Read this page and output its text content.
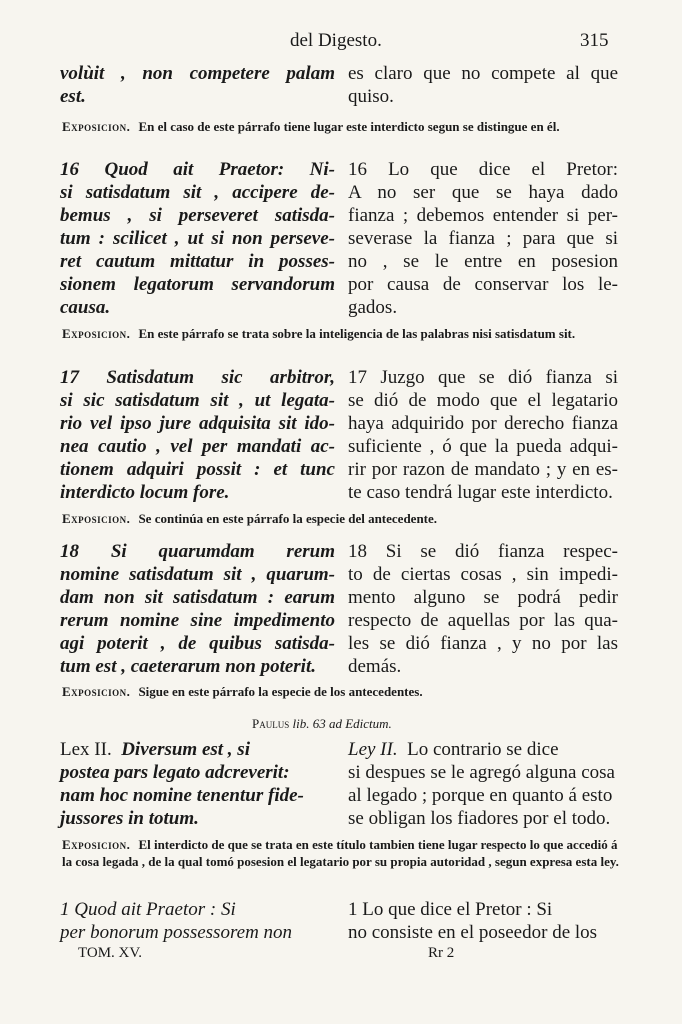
del Digesto.	315
volùit , non competere palam
est.
es claro que no compete al que
quiso.
Exposicion. En el caso de este párrafo tiene lugar este interdicto segun se distingue en él.
16 Quod ait Praetor: Ni-
si satisdatum sit , accipere de-
bemus , si perseveret satisda-
tum : scilicet , ut si non perseve-
ret cautum mittatur in posses-
sionem legatorum servandorum
causa.
16 Lo que dice el Pretor:
A no ser que se haya dado
fianza ; debemos entender si per-
severase la fianza ; para que si
no , se le entre en posesion
por causa de conservar los le-
gados.
Exposicion. En este párrafo se trata sobre la inteligencia de las palabras nisi satisdatum sit.
17 Satisdatum sic arbitror,
si sic satisdatum sit , ut legata-
rio vel ipso jure adquisita sit ido-
nea cautio , vel per mandati ac-
tionem adquiri possit : et tunc
interdicto locum fore.
17 Juzgo que se dió fianza si
se dió de modo que el legatario
haya adquirido por derecho fianza
suficiente , ó que la pueda adqui-
rir por razon de mandato ; y en es-
te caso tendrá lugar este interdicto.
Exposicion. Se continúa en este párrafo la especie del antecedente.
18 Si quarumdam rerum
nomine satisdatum sit , quarum-
dam non sit satisdatum : earum
rerum nomine sine impedimento
agi poterit , de quibus satisda-
tum est , caeterarum non poterit.
18 Si se dió fianza respec-
to de ciertas cosas , sin impedi-
mento alguno se podrá pedir
respecto de aquellas por las qua-
les se dió fianza , y no por las
demás.
Exposicion. Sigue en este párrafo la especie de los antecedentes.
Paulus lib. 63 ad Edictum.
Lex II. Diversum est , si
postea pars legato adcreverit:
nam hoc nomine tenentur fide-
jussores in totum.
Ley II. Lo contrario se dice
si despues se le agregó alguna cosa
al legado ; porque en quanto á esto
se obligan los fiadores por el todo.
Exposicion. El interdicto de que se trata en este título tambien tiene lugar respecto lo que accedió á la cosa legada , de la qual tomó posesion el legatario por su propia autoridad , segun expresa esta ley.
1 Quod ait Praetor : Si
per bonorum possessorem non
1 Lo que dice el Pretor : Si
no consiste en el poseedor de los
TOM. XV.	Rr 2
